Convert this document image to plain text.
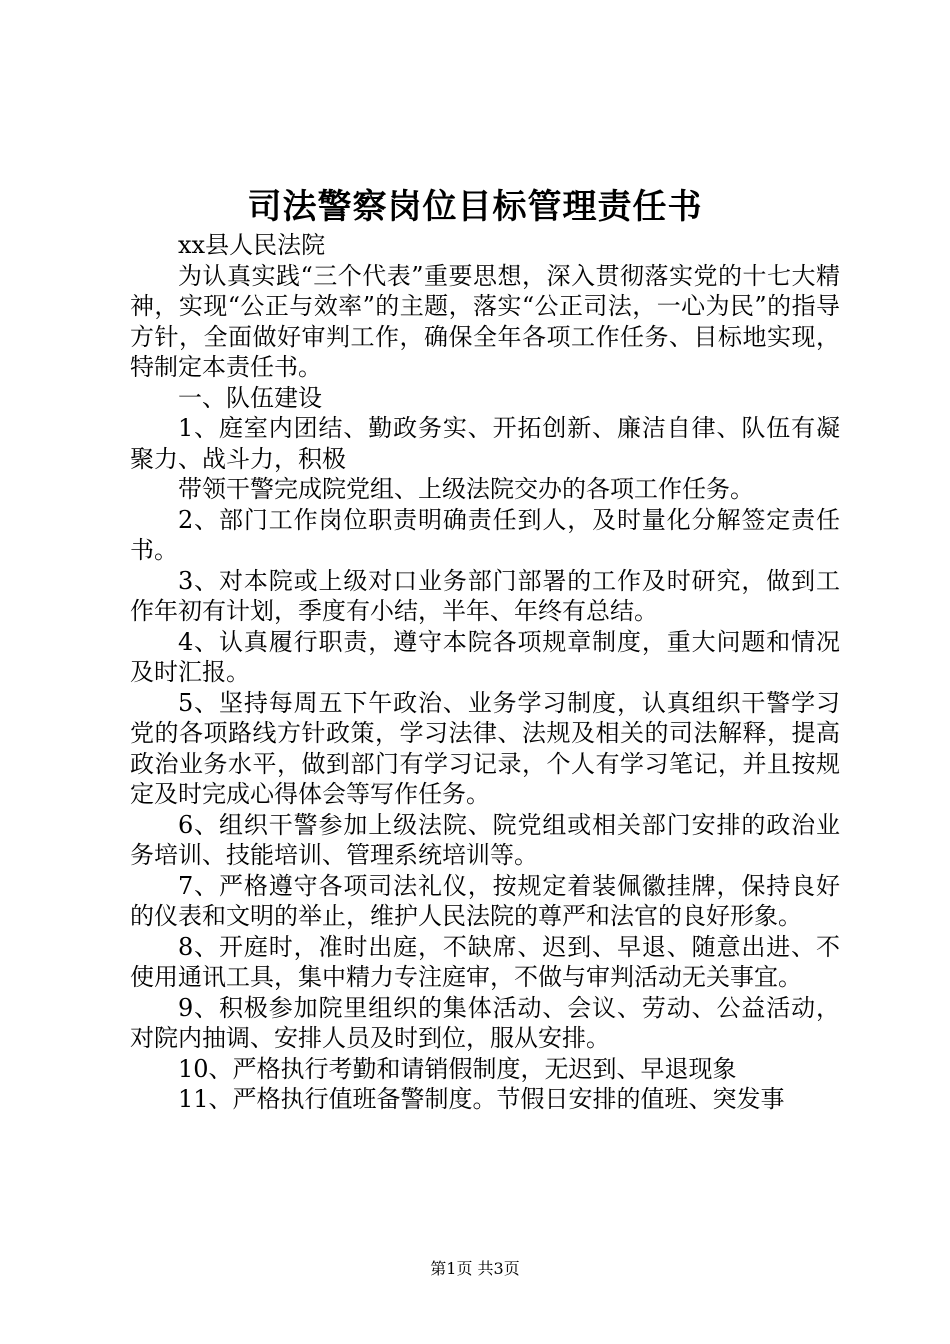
司法警察岗位目标管理责任书

xx县人民法院

为认真实践“三个代表”重要思想，深入贯彻落实党的十七大精神，实现“公正与效率”的主题，落实“公正司法，一心为民”的指导方针，全面做好审判工作，确保全年各项工作任务、目标地实现，特制定本责任书。

一、队伍建设

1、庭室内团结、勤政务实、开拓创新、廉洁自律、队伍有凝聚力、战斗力，积极

带领干警完成院党组、上级法院交办的各项工作任务。

2、部门工作岗位职责明确责任到人，及时量化分解签定责任书。

3、对本院或上级对口业务部门部署的工作及时研究，做到工作年初有计划，季度有小结，半年、年终有总结。

4、认真履行职责，遵守本院各项规章制度，重大问题和情况及时汇报。

5、坚持每周五下午政治、业务学习制度，认真组织干警学习党的各项路线方针政策，学习法律、法规及相关的司法解释，提高政治业务水平，做到部门有学习记录，个人有学习笔记，并且按规定及时完成心得体会等写作任务。

6、组织干警参加上级法院、院党组或相关部门安排的政治业务培训、技能培训、管理系统培训等。

7、严格遵守各项司法礼仪，按规定着装佩徽挂牌，保持良好的仪表和文明的举止，维护人民法院的尊严和法官的良好形象。

8、开庭时，准时出庭，不缺席、迟到、早退、随意出进、不使用通讯工具，集中精力专注庭审，不做与审判活动无关事宜。

9、积极参加院里组织的集体活动、会议、劳动、公益活动，对院内抽调、安排人员及时到位，服从安排。

10、严格执行考勤和请销假制度，无迟到、早退现象

11、严格执行值班备警制度。节假日安排的值班、突发事

第1页 共3页
